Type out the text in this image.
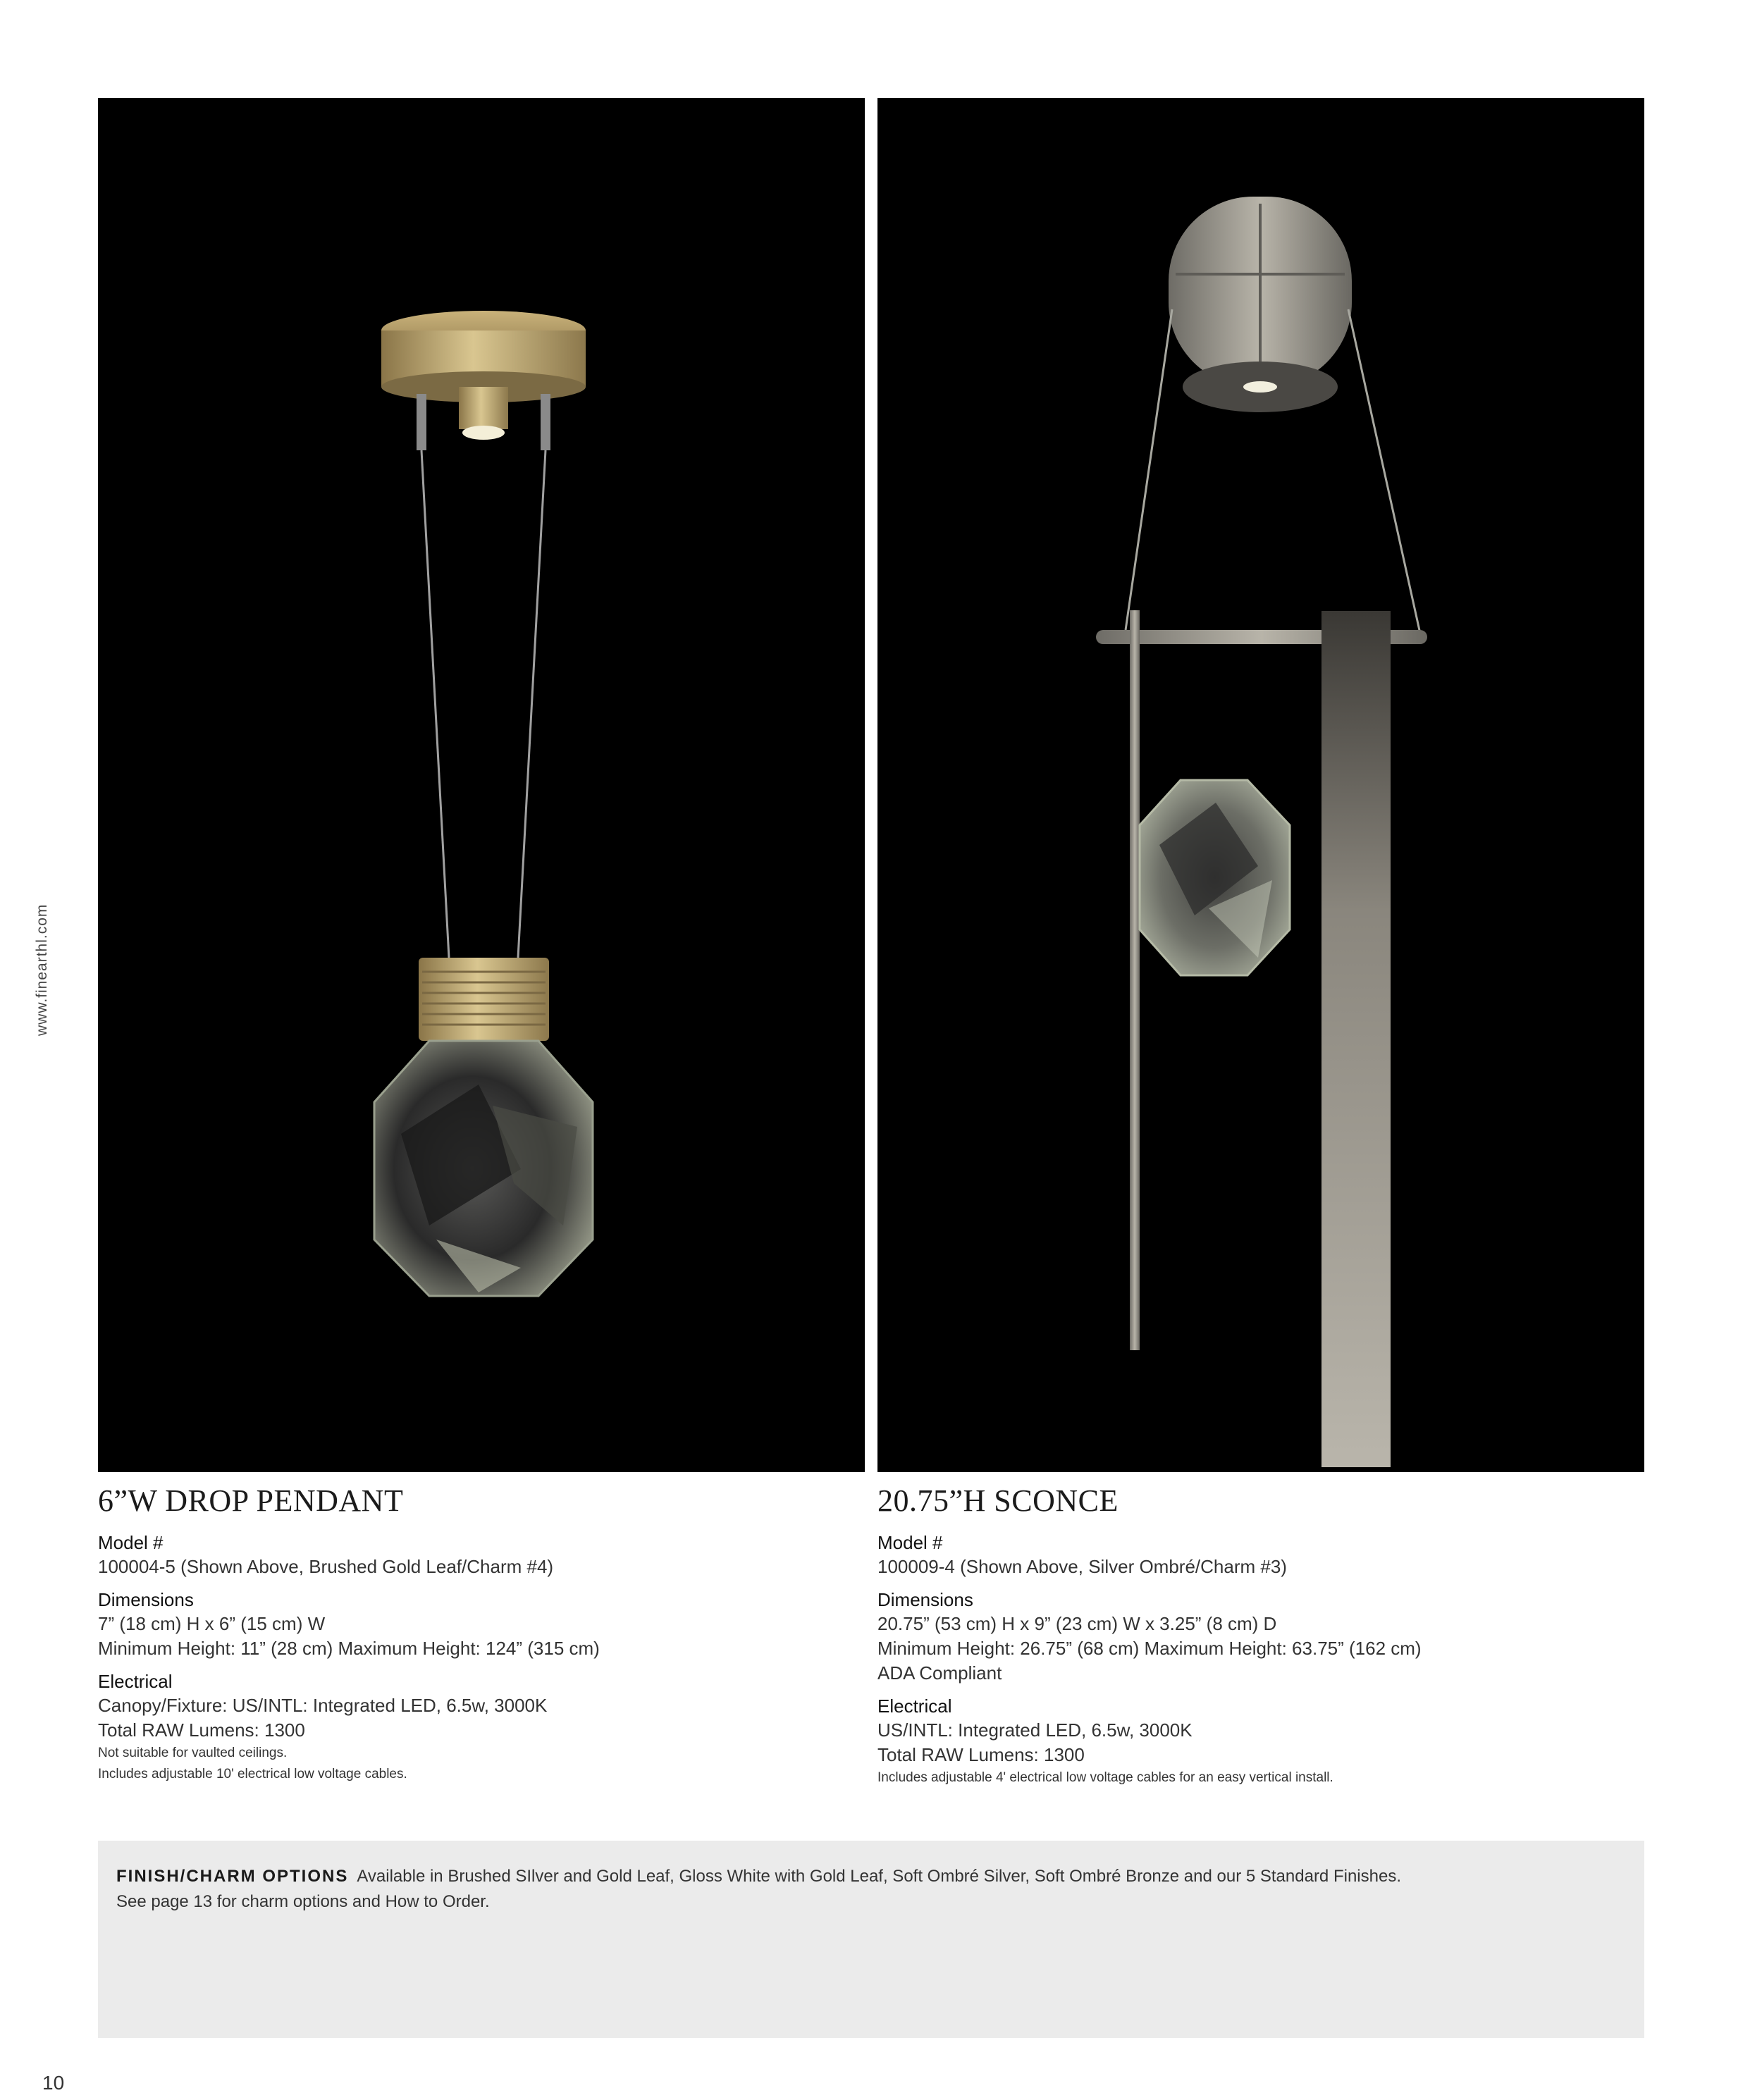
www.finearthl.com
6”W DROP PENDANT
Model #
100004-5 (Shown Above, Brushed Gold Leaf/Charm #4)
Dimensions
7” (18 cm) H x 6” (15 cm) W
Minimum Height: 11” (28 cm) Maximum Height: 124” (315 cm)
Electrical
Canopy/Fixture: US/INTL: Integrated LED, 6.5w, 3000K
Total RAW Lumens: 1300
Not suitable for vaulted ceilings.
Includes adjustable 10' electrical low voltage cables.
20.75”H SCONCE
Model #
100009-4 (Shown Above, Silver Ombré/Charm #3)
Dimensions
20.75” (53 cm) H x 9” (23 cm) W x 3.25” (8 cm) D
Minimum Height: 26.75” (68 cm) Maximum Height: 63.75” (162 cm)
ADA Compliant
Electrical
US/INTL: Integrated LED, 6.5w, 3000K
Total RAW Lumens: 1300
Includes adjustable 4' electrical low voltage cables for an easy vertical install.
FINISH/CHARM OPTIONS Available in Brushed SIlver and Gold Leaf, Gloss White with Gold Leaf, Soft Ombré Silver, Soft Ombré Bronze and our 5 Standard Finishes.
See page 13 for charm options and How to Order.
10
